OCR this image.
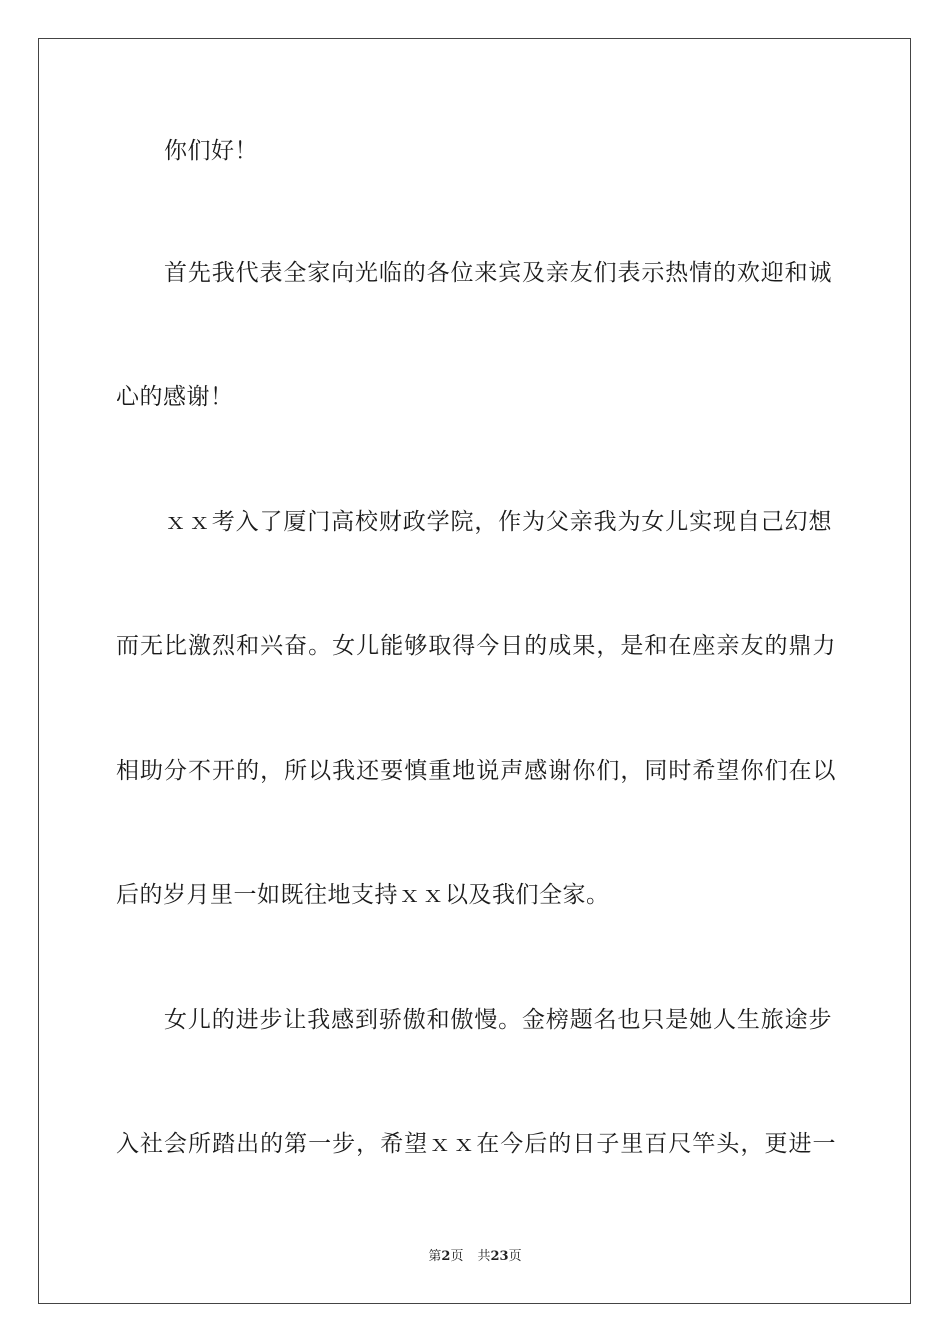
你们好！
首先我代表全家向光临的各位来宾及亲友们表示热情的欢迎和诚
心的感谢！
ｘｘ考入了厦门高校财政学院，作为父亲我为女儿实现自己幻想
而无比激烈和兴奋。女儿能够取得今日的成果，是和在座亲友的鼎力
相助分不开的，所以我还要慎重地说声感谢你们，同时希望你们在以
后的岁月里一如既往地支持ｘｘ以及我们全家。
女儿的进步让我感到骄傲和傲慢。金榜题名也只是她人生旅途步
入社会所踏出的第一步，希望ｘｘ在今后的日子里百尺竿头，更进一
第2页 共23页
